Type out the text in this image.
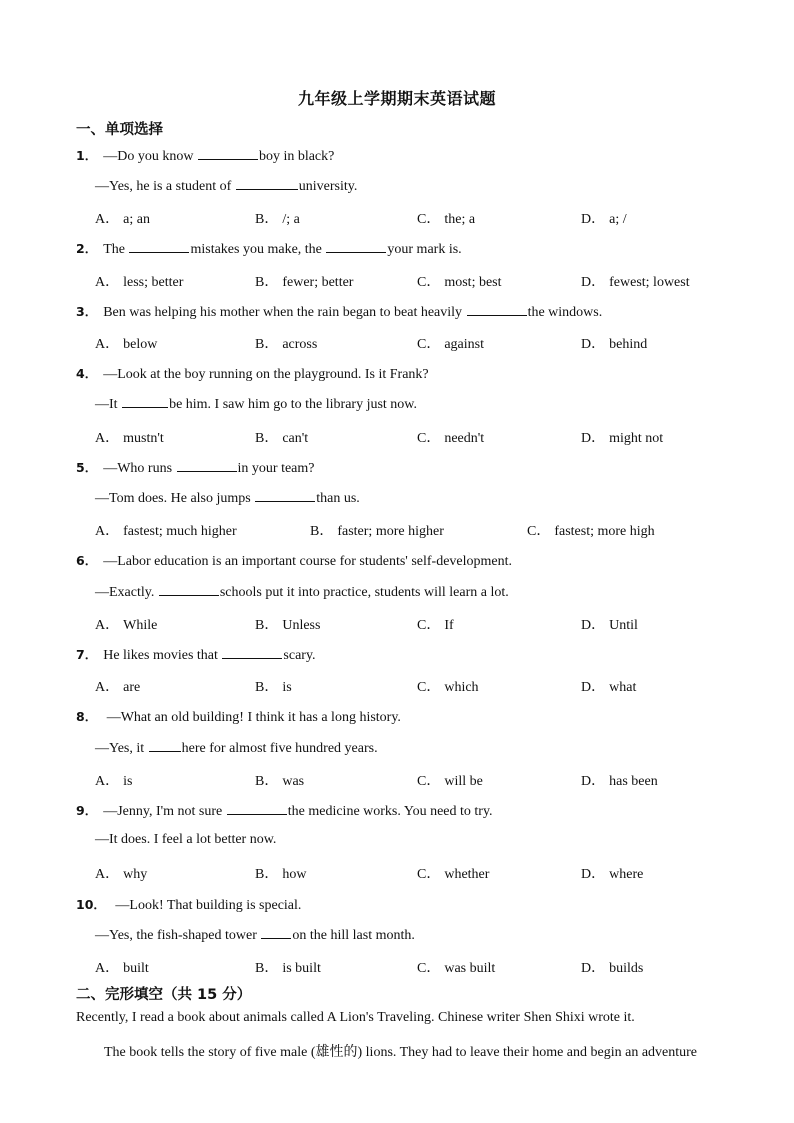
九年级上学期期末英语试题
一、单项选择
1． —Do you know	boy in black?
—Yes, he is a student of	university.
A． a; an	B． /; a	C． the; a	D． a; /
2． The	mistakes you make, the	your mark is.
A． less; better	B． fewer; better	C． most; best	D． fewest; lowest
3． Ben was helping his mother when the rain began to beat heavily	the windows.
A． below	B． across	C． against	D． behind
4． —Look at the boy running on the playground. Is it Frank?
—It	be him. I saw him go to the library just now.
A． mustn't	B． can't	C． needn't	D． might not
5． —Who runs	in your team?
—Tom does. He also jumps	than us.
A． fastest; much higher	B． faster; more higher	C． fastest; more high
6． —Labor education is an important course for students' self-development.
—Exactly.	schools put it into practice, students will learn a lot.
A． While	B． Unless	C． If	D． Until
7． He likes movies that	scary.
A． are	B． is	C． which	D． what
8． —What an old building! I think it has a long history.
—Yes, it here for almost five hundred years.
A． is	B． was	C． will be	D． has been
9． —Jenny, I'm not sure	the medicine works. You need to try.
—It does. I feel a lot better now.
A． why	B． how	C． whether	D． where
10． —Look! That building is special.
—Yes, the fish-shaped tower on the hill last month.
A． built	B． is built	C． was built	D． builds
二、完形填空（共 15 分）
Recently, I read a book about animals called A Lion's Traveling. Chinese writer Shen Shixi wrote it.
The book tells the story of five male (雄性的) lions. They had to leave their home and begin an adventure
